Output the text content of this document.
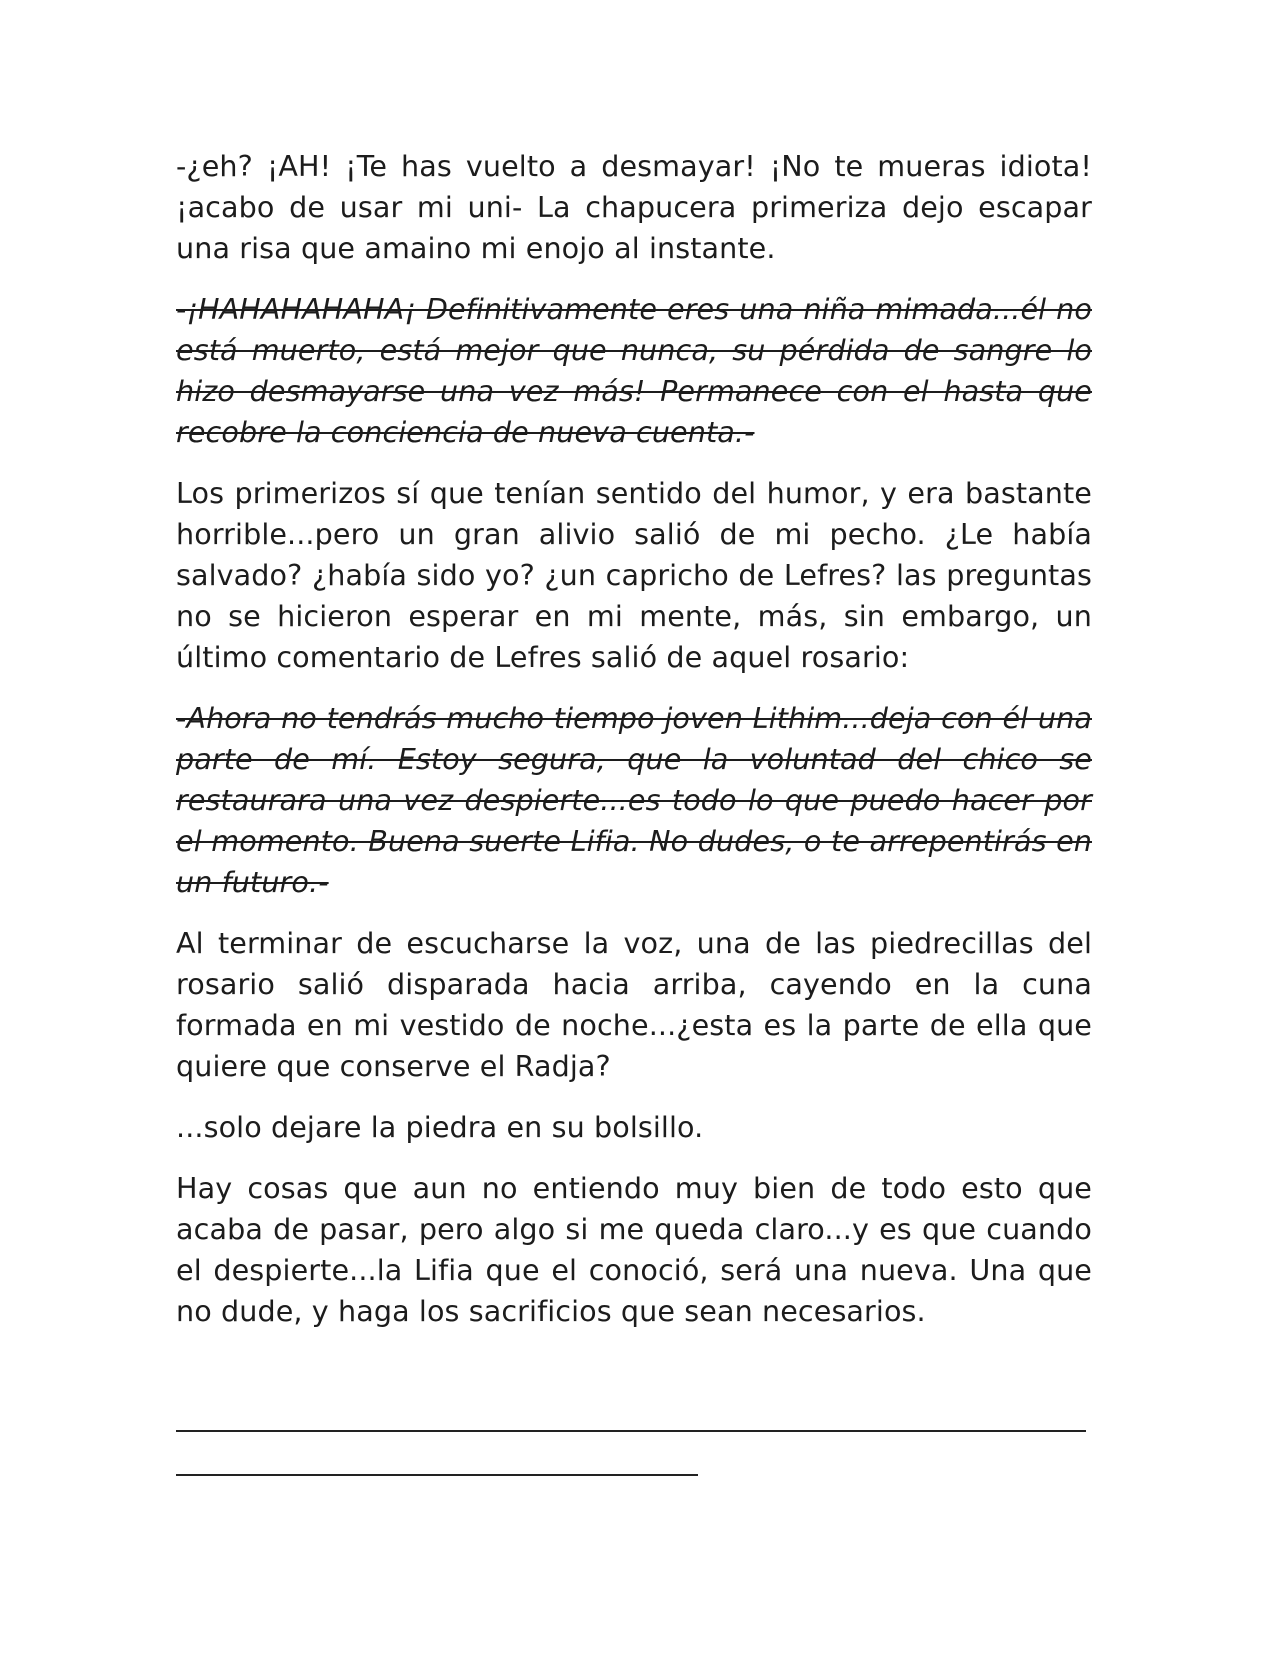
-¿eh? ¡AH! ¡Te has vuelto a desmayar! ¡No te mueras idiota! ¡acabo de usar mi uni- La chapucera primeriza dejo escapar una risa que amaino mi enojo al instante.

-¡HAHAHAHAHA¡ Definitivamente eres una niña mimada...él no está muerto, está mejor que nunca, su pérdida de sangre lo hizo desmayarse una vez más! Permanece con el hasta que recobre la conciencia de nueva cuenta.-

Los primerizos sí que tenían sentido del humor, y era bastante horrible...pero un gran alivio salió de mi pecho. ¿Le había salvado? ¿había sido yo? ¿un capricho de Lefres? las preguntas no se hicieron esperar en mi mente, más, sin embargo, un último comentario de Lefres salió de aquel rosario:

-Ahora no tendrás mucho tiempo joven Lithim...deja con él una parte de mí. Estoy segura, que la voluntad del chico se restaurara una vez despierte...es todo lo que puedo hacer por el momento. Buena suerte Lifia. No dudes, o te arrepentirás en un futuro.-

Al terminar de escucharse la voz, una de las piedrecillas del rosario salió disparada hacia arriba, cayendo en la cuna formada en mi vestido de noche...¿esta es la parte de ella que quiere que conserve el Radja?

...solo dejare la piedra en su bolsillo.

Hay cosas que aun no entiendo muy bien de todo esto que acaba de pasar, pero algo si me queda claro...y es que cuando el despierte...la Lifia que el conoció, será una nueva. Una que no dude, y haga los sacrificios que sean necesarios.
